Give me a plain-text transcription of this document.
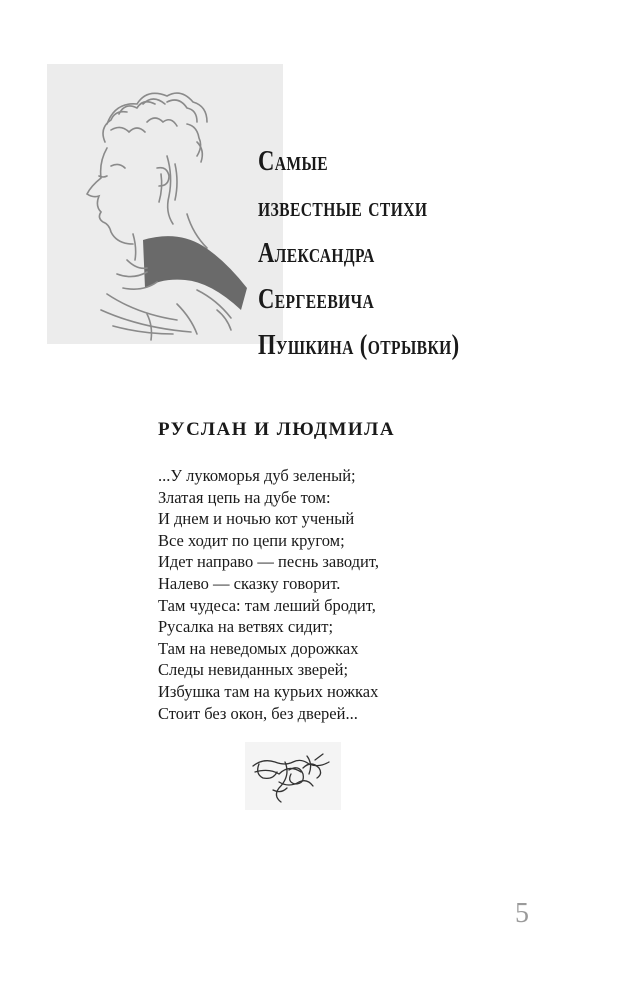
Самые
известные стихи
Александра
Сергеевича
Пушкина (отрывки)
РУСЛАН И ЛЮДМИЛА
...У лукоморья дуб зеленый;
Златая цепь на дубе том:
И днем и ночью кот ученый
Все ходит по цепи кругом;
Идет направо — песнь заводит,
Налево — сказку говорит.
Там чудеса: там леший бродит,
Русалка на ветвях сидит;
Там на неведомых дорожках
Следы невиданных зверей;
Избушка там на курьих ножках
Стоит без окон, без дверей...

5
